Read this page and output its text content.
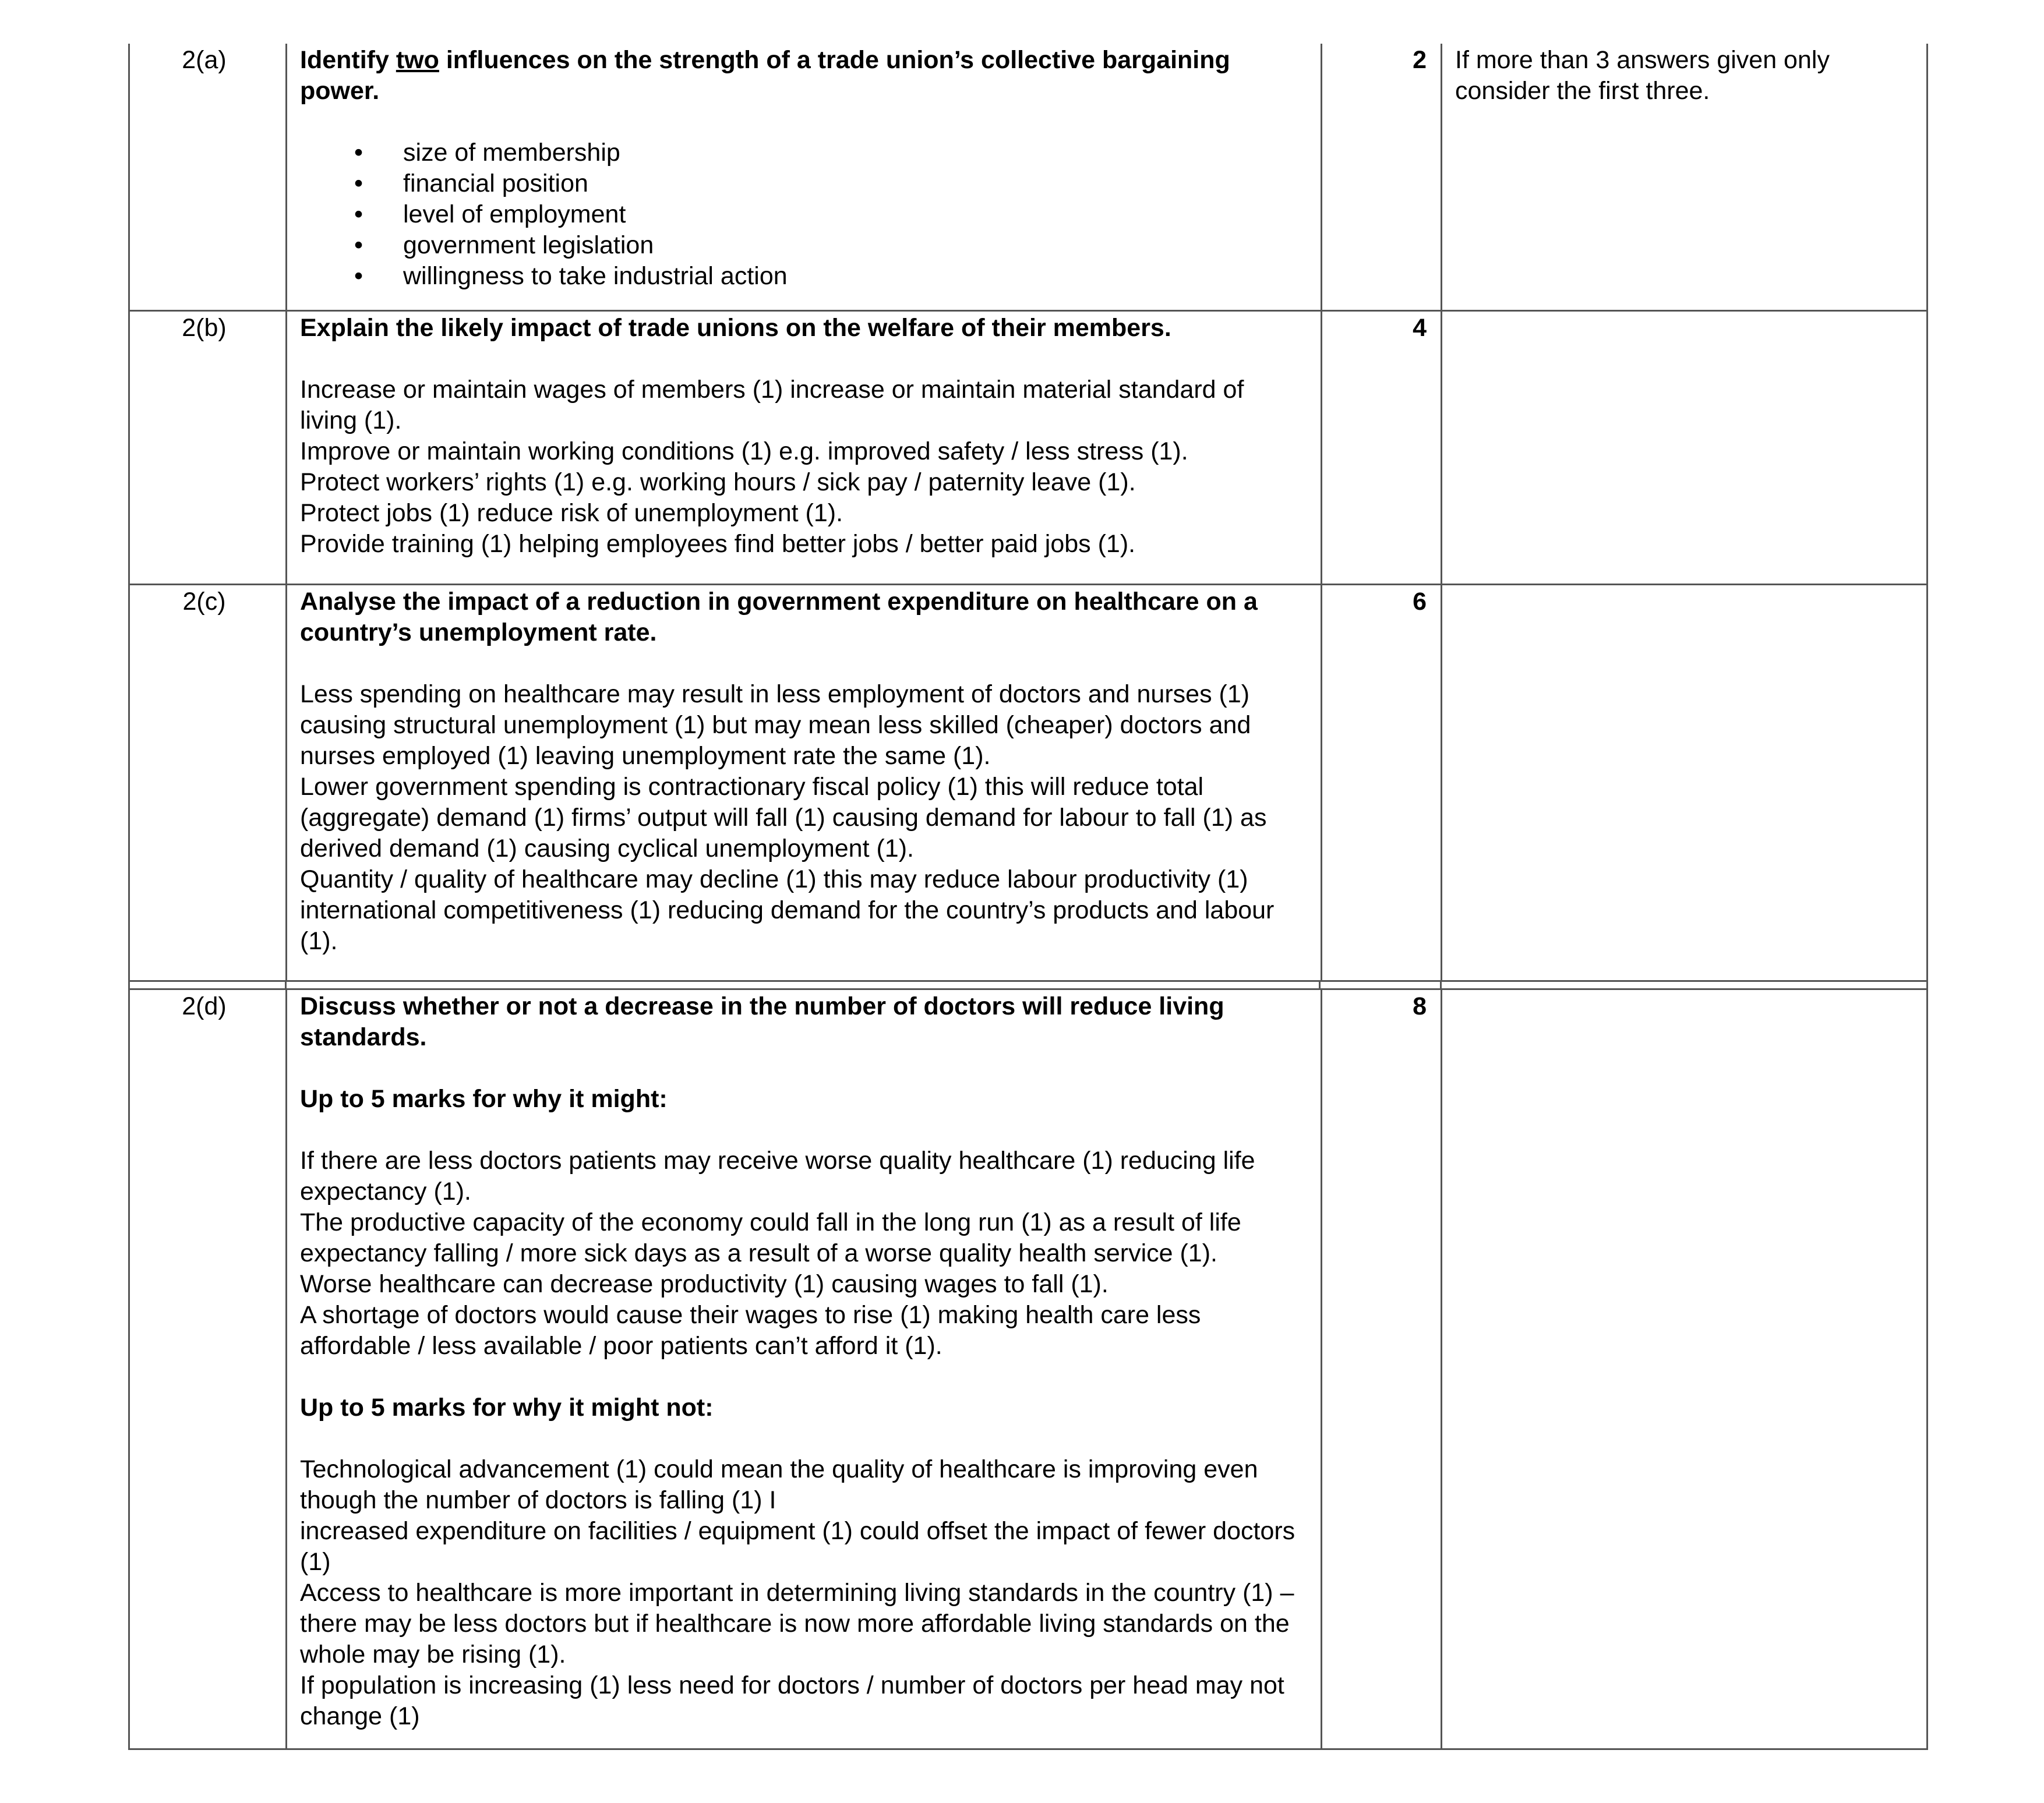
2(a)	Identify two influences on the strength of a trade union’s collective bargaining power.

• size of membership
• financial position
• level of employment
• government legislation
• willingness to take industrial action
2	If more than 3 answers given only consider the first three.
2(b)	Explain the likely impact of trade unions on the welfare of their members.

Increase or maintain wages of members (1) increase or maintain material standard of living (1).

Improve or maintain working conditions (1) e.g. improved safety / less stress (1).

Protect workers’ rights (1) e.g. working hours / sick pay / paternity leave (1).

Protect jobs (1) reduce risk of unemployment (1).

Provide training (1) helping employees find better jobs / better paid jobs (1).

4
2(c)	Analyse the impact of a reduction in government expenditure on healthcare on a country’s unemployment rate.

Less spending on healthcare may result in less employment of doctors and nurses (1) causing structural unemployment (1) but may mean less skilled (cheaper) doctors and nurses employed (1) leaving unemployment rate the same (1).

Lower government spending is contractionary fiscal policy (1) this will reduce total (aggregate) demand (1) firms’ output will fall (1) causing demand for labour to fall (1) as derived demand (1) causing cyclical unemployment (1).

Quantity / quality of healthcare may decline (1) this may reduce labour productivity (1) international competitiveness (1) reducing demand for the country’s products and labour (1).

6
2(d)	Discuss whether or not a decrease in the number of doctors will reduce living standards.

Up to 5 marks for why it might:

If there are less doctors patients may receive worse quality healthcare (1) reducing life expectancy (1).

The productive capacity of the economy could fall in the long run (1) as a result of life expectancy falling / more sick days as a result of a worse quality health service (1).

Worse healthcare can decrease productivity (1) causing wages to fall (1).

A shortage of doctors would cause their wages to rise (1) making health care less affordable / less available / poor patients can’t afford it (1).

Up to 5 marks for why it might not:

Technological advancement (1) could mean the quality of healthcare is improving even though the number of doctors is falling (1) I

increased expenditure on facilities / equipment (1) could offset the impact of fewer doctors (1)

Access to healthcare is more important in determining living standards in the country (1) – there may be less doctors but if healthcare is now more affordable living standards on the whole may be rising (1).

If population is increasing (1) less need for doctors / number of doctors per head may not change (1)

8
